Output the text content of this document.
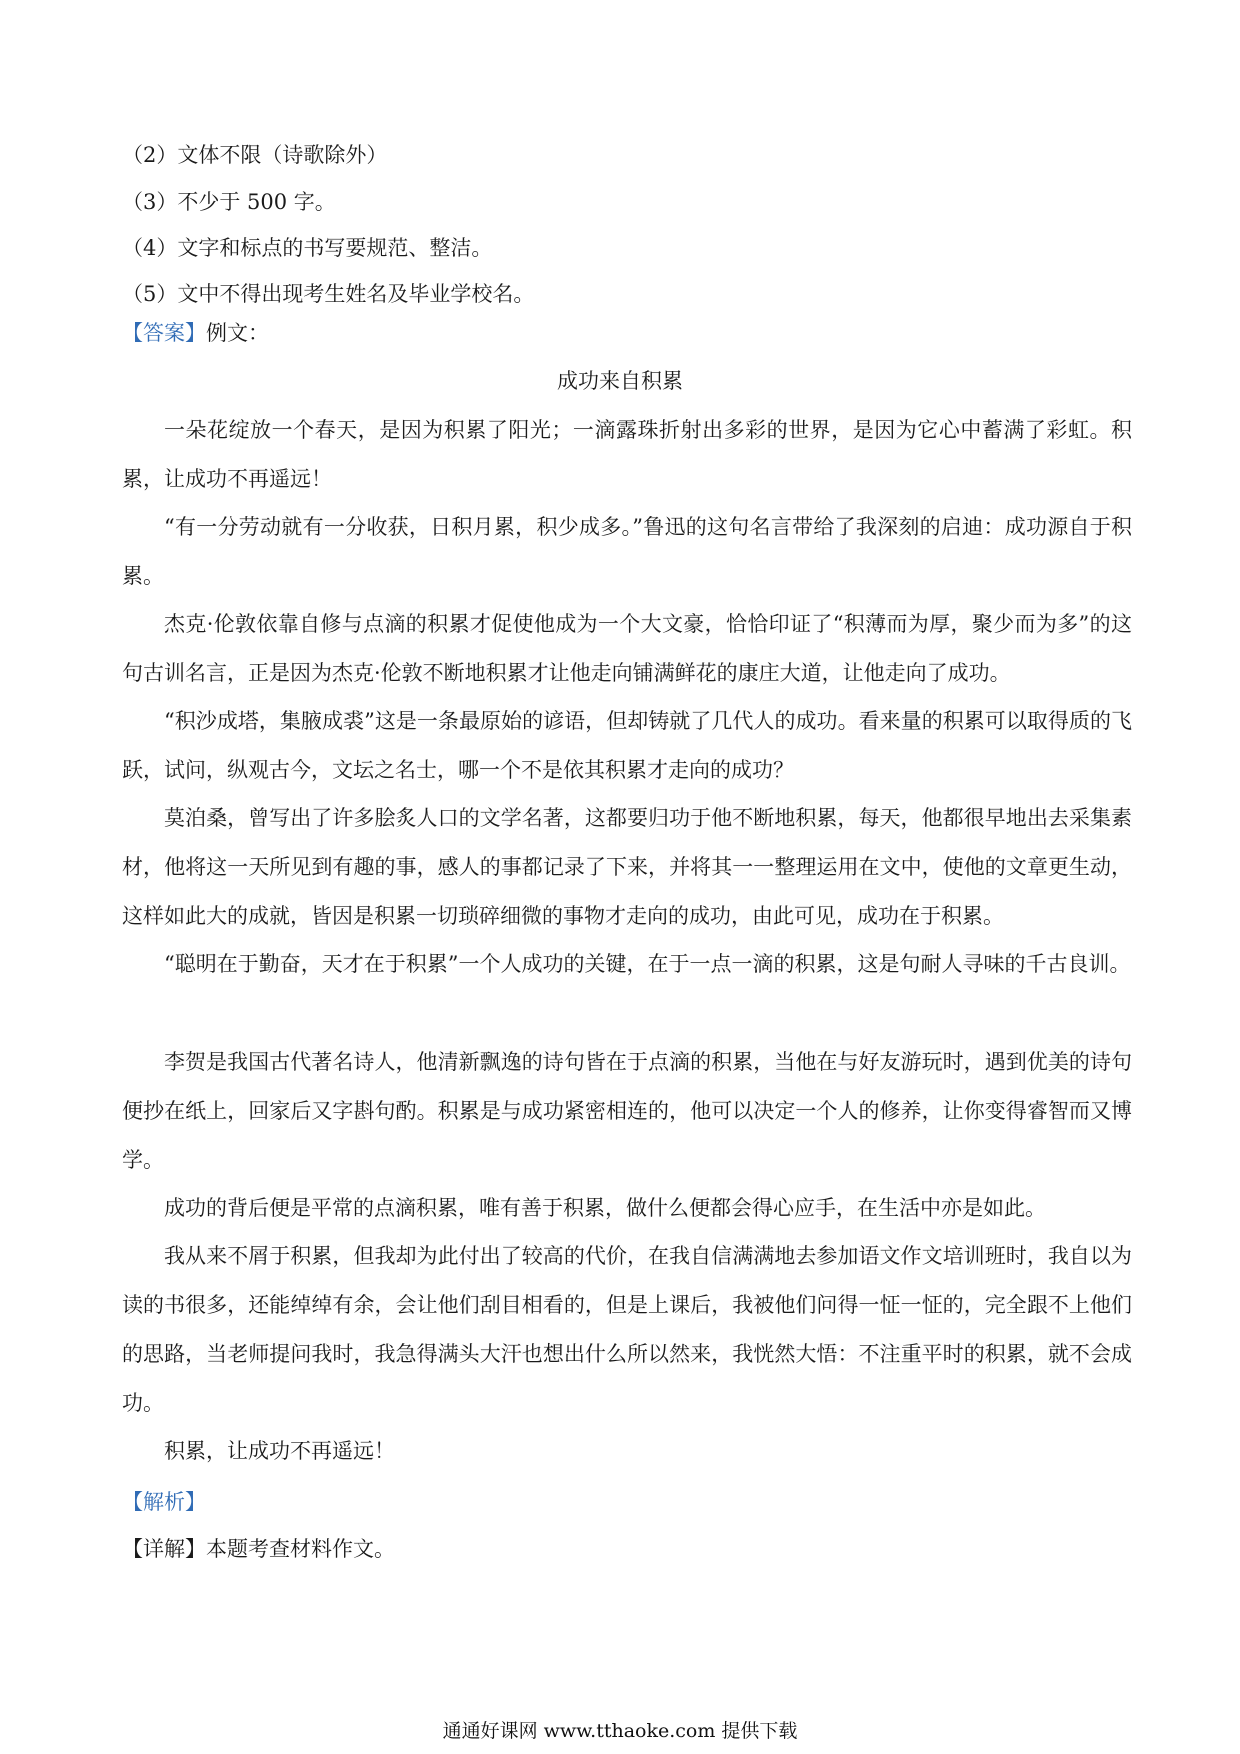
（2）文体不限（诗歌除外）
（3）不少于 500 字。
（4）文字和标点的书写要规范、整洁。
（5）文中不得出现考生姓名及毕业学校名。
【答案】例文：
成功来自积累

一朵花绽放一个春天，是因为积累了阳光；一滴露珠折射出多彩的世界，是因为它心中蓄满了彩虹。积累，让成功不再遥远！

“有一分劳动就有一分收获，日积月累，积少成多。”鲁迅的这句名言带给了我深刻的启迪：成功源自于积累。

杰克·伦敦依靠自修与点滴的积累才促使他成为一个大文豪，恰恰印证了“积薄而为厚，聚少而为多”的这句古训名言，正是因为杰克·伦敦不断地积累才让他走向铺满鲜花的康庄大道，让他走向了成功。

“积沙成塔，集腋成裘”这是一条最原始的谚语，但却铸就了几代人的成功。看来量的积累可以取得质的飞跃，试问，纵观古今，文坛之名士，哪一个不是依其积累才走向的成功？

莫泊桑，曾写出了许多脍炙人口的文学名著，这都要归功于他不断地积累，每天，他都很早地出去采集素材，他将这一天所见到有趣的事，感人的事都记录了下来，并将其一一整理运用在文中，使他的文章更生动，这样如此大的成就，皆因是积累一切琐碎细微的事物才走向的成功，由此可见，成功在于积累。

“聪明在于勤奋，天才在于积累”一个人成功的关键，在于一点一滴的积累，这是句耐人寻味的千古良训。

李贺是我国古代著名诗人，他清新飘逸的诗句皆在于点滴的积累，当他在与好友游玩时，遇到优美的诗句便抄在纸上，回家后又字斟句酌。积累是与成功紧密相连的，他可以决定一个人的修养，让你变得睿智而又博学。

成功的背后便是平常的点滴积累，唯有善于积累，做什么便都会得心应手，在生活中亦是如此。

我从来不屑于积累，但我却为此付出了较高的代价，在我自信满满地去参加语文作文培训班时，我自以为读的书很多，还能绰绰有余，会让他们刮目相看的，但是上课后，我被他们问得一怔一怔的，完全跟不上他们的思路，当老师提问我时，我急得满头大汗也想出什么所以然来，我恍然大悟：不注重平时的积累，就不会成功。

积累，让成功不再遥远！

【解析】
【详解】本题考查材料作文。
通通好课网 www.tthaoke.com 提供下载
